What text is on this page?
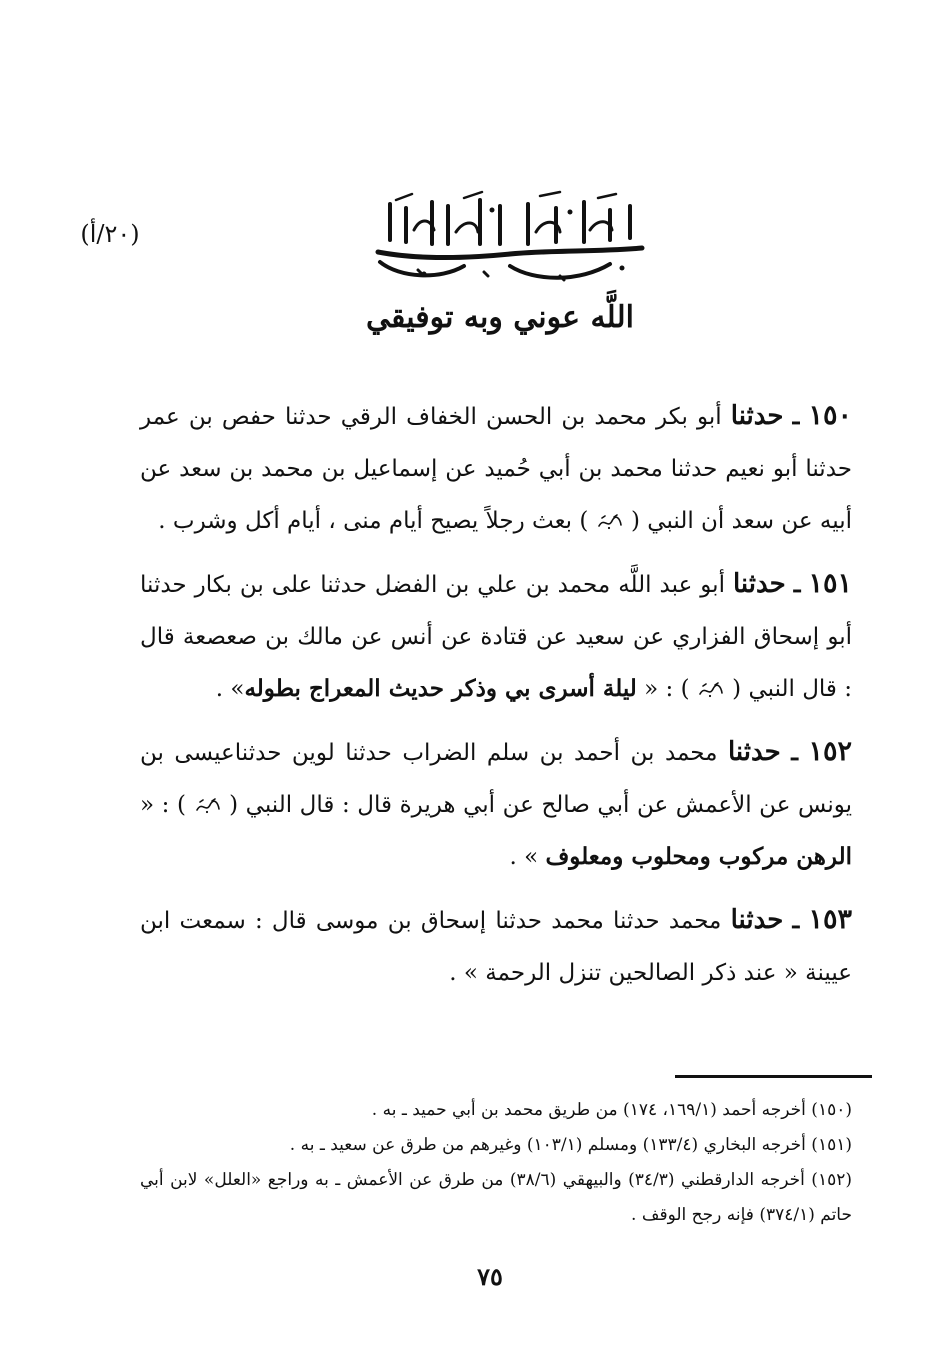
(٢٠/أ)
اللَّه عوني وبه توفيقي

١٥٠ ـ حدثنا أبو بكر محمد بن الحسن الخفاف الرقي حدثنا حفص بن عمر حدثنا أبو نعيم حدثنا محمد بن أبي حُميد عن إسماعيل بن محمد بن سعد عن أبيه عن سعد أن النبي (  ) بعث رجلاً يصيح أيام منى ، أيام أكل وشرب .

١٥١ ـ حدثنا أبو عبد اللَّه محمد بن علي بن الفضل حدثنا على بن بكار حدثنا أبو إسحاق الفزاري عن سعيد عن قتادة عن أنس عن مالك بن صعصعة قال : قال النبي (  ) : « ليلة أسرى بي وذكر حديث المعراج بطوله» .

١٥٢ ـ حدثنا محمد بن أحمد بن سلم الضراب حدثنا لوين حدثناعيسى بن يونس عن الأعمش عن أبي صالح عن أبي هريرة قال : قال النبي (  ) : « الرهن مركوب ومحلوب ومعلوف » .

١٥٣ ـ حدثنا محمد حدثنا محمد حدثنا إسحاق بن موسى قال : سمعت ابن عيينة « عند ذكر الصالحين تنزل الرحمة » .

(١٥٠) أخرجه أحمد (١٦٩/١، ١٧٤) من طريق محمد بن أبي حميد ـ به .

(١٥١) أخرجه البخاري (١٣٣/٤) ومسلم (١٠٣/١) وغيرهم من طرق عن سعيد ـ به .

(١٥٢) أخرجه الدارقطني (٣٤/٣) والبيهقي (٣٨/٦) من طرق عن الأعمش ـ به وراجع «العلل» لابن أبي حاتم (٣٧٤/١) فإنه رجح الوقف .

٧٥
